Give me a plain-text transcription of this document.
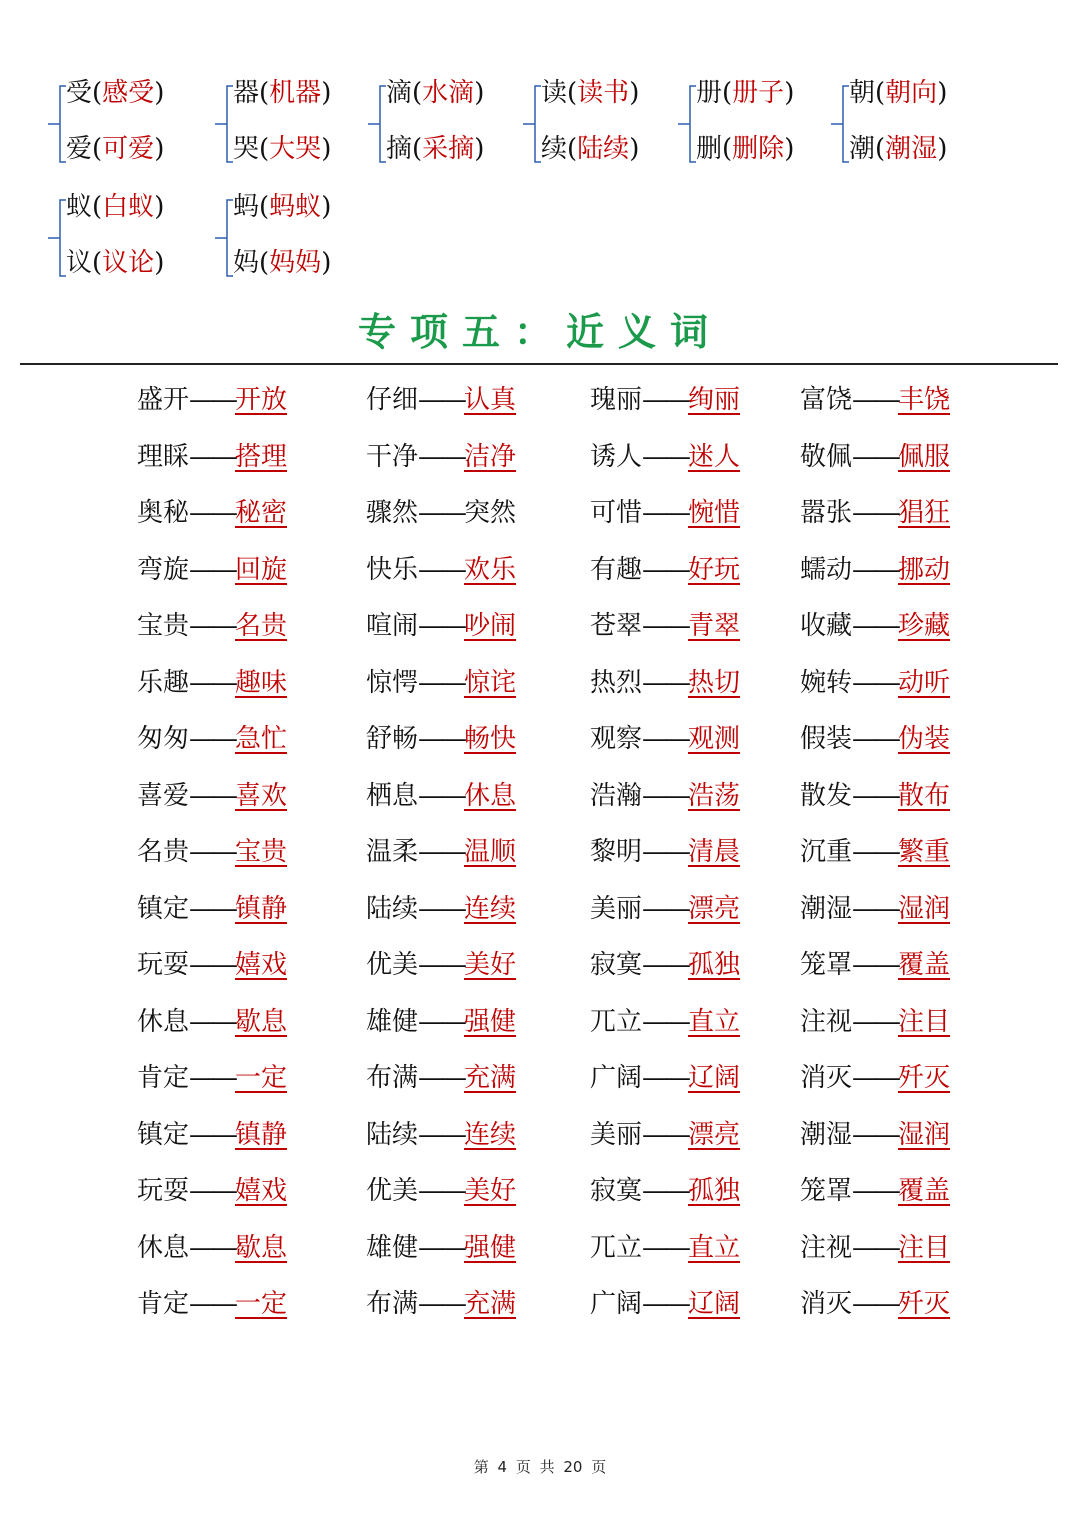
受(感受)
爱(可爱)
器(机器)
哭(大哭)
滴(水滴)
摘(采摘)
读(读书)
续(陆续)
册(册子)
删(删除)
朝(朝向)
潮(潮湿)
蚁(白蚁)
议(议论)
蚂(蚂蚁)
妈(妈妈)
专项五：近义词
盛开——开放	仔细——认真	瑰丽——绚丽 富饶——丰饶
理睬——搭理	干净——洁净	诱人——迷人 敬佩——佩服
奥秘——秘密	骤然——突然	可惜——惋惜 嚣张——猖狂
弯旋——回旋	快乐——欢乐	有趣——好玩 蠕动——挪动
宝贵——名贵	喧闹——吵闹	苍翠——青翠 收藏——珍藏
乐趣——趣味	惊愕——惊诧	热烈——热切 婉转——动听
匆匆——急忙	舒畅——畅快	观察——观测 假装——伪装
喜爱——喜欢	栖息——休息	浩瀚——浩荡 散发——散布
名贵——宝贵	温柔——温顺	黎明——清晨 沉重——繁重
镇定——镇静	陆续——连续	美丽——漂亮 潮湿——湿润
玩耍——嬉戏	优美——美好	寂寞——孤独 笼罩——覆盖
休息——歇息	雄健——强健	兀立——直立 注视——注目
肯定——一定	布满——充满	广阔——辽阔 消灭——歼灭
镇定——镇静	陆续——连续	美丽——漂亮 潮湿——湿润
玩耍——嬉戏	优美——美好	寂寞——孤独 笼罩——覆盖
休息——歇息	雄健——强健	兀立——直立 注视——注目
肯定——一定	布满——充满	广阔——辽阔 消灭——歼灭
第 4 页 共 20 页
